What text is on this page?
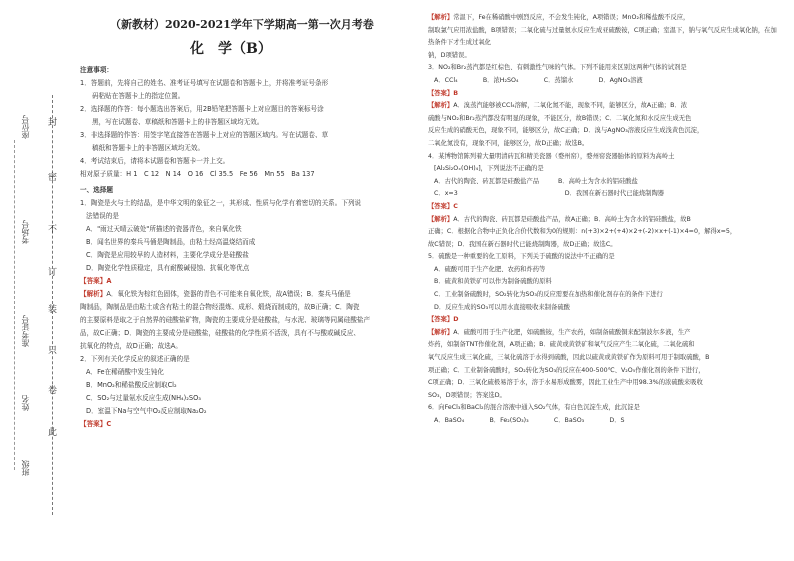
封
密
不
订
装
只
卷
此
座位号
考场号
准考证号
姓名
班级
（新教材）2020-2021学年下学期高一第一次月考卷
化　学（B）

注意事项：

1．答题前，先将自己的姓名、准考证号填写在试题卷和答题卡上，并将准考证号条形

码粘贴在答题卡上的指定位置。

2．选择题的作答：每小题选出答案后，用2B铅笔把答题卡上对应题目的答案标号涂

黑，写在试题卷、草稿纸和答题卡上的非答题区域均无效。

3．非选择题的作答：用签字笔直接答在答题卡上对应的答题区域内。写在试题卷、草

稿纸和答题卡上的非答题区域均无效。

4．考试结束后，请将本试题卷和答题卡一并上交。

相对原子质量：H 1　C 12　N 14　O 16　Cl 35.5　Fe 56　Mn 55　Ba 137

一、选择题

1．陶瓷是火与土的结晶，是中华文明的象征之一，其形成、性质与化学有着密切的关系。下列说

法错误的是

A．"雨过天晴云破处"所描述的瓷器青色，来自氧化铁

B．闻名世界的秦兵马俑是陶制品，由粘土经高温烧结而成

C．陶瓷是应用较早的人造材料，主要化学成分是硅酸盐

D．陶瓷化学性质稳定，具有耐酸碱侵蚀、抗氧化等优点

【答案】A

【解析】A．氧化铁为棕红色固体，瓷器的青色不可能来自氧化铁，故A错误；B．秦兵马俑是

陶制品，陶制品是由粘土或含有粘土的混合物经混炼、成形、煅烧而制成的，故B正确；C．陶瓷

的主要原料是取之于自然界的硅酸盐矿物，陶瓷的主要成分是硅酸盐，与水泥、玻璃等同属硅酸盐产

品，故C正确；D．陶瓷的主要成分是硅酸盐，硅酸盐的化学性质不活泼，具有不与酸或碱反应、

抗氧化的特点，故D正确；故选A。

2．下列有关化学反应的叙述正确的是

A．Fe在稀硝酸中发生钝化

B．MnO₂和稀盐酸反应制取Cl₂

C．SO₂与过量氨水反应生成(NH₄)₂SO₃

D．室温下Na与空气中O₂反应制取Na₂O₂

【答案】C

【解析】常温下，Fe在稀硝酸中剧烈反应，不会发生钝化，A项错误；MnO₂和稀盐酸不反应，

制取氯气应用浓盐酸，B项错误；二氧化硫与过量氨水反应生成亚硫酸铵，C项正确；室温下，钠与氧气反应生成氧化钠，在加热条件下才生成过氧化

钠，D项错误。

3．NO₂和Br₂蒸汽都是红棕色、有刺激性气味的气体。下列不能用来区别这两种气体的试剂是

A．CCl₄　　　　B．浓H₂SO₄　　　　C．蒸馏水　　　　D．AgNO₃溶液

【答案】B

【解析】A．溴蒸汽能够被CCl₄溶解，二氧化氮不能，现象不同，能够区分，故A正确；B．浓

硫酸与NO₂和Br₂蒸汽都没有明显的现象，不能区分，故B错误；C．二氧化氮和水反应生成无色

反应生成的硝酸无色，现象不同，能够区分，故C正确；D．溴与AgNO₃溶液反应生成浅黄色沉淀，

二氧化氮没有，现象不同，能够区分，故D正确；故选B。

4．某博物馆陈列着大量明清砖瓦和精美瓷器（婺州窑），婺州窑瓷器胎体的原料为高岭土

[Al₂Si₂Oₓ(OH)₄]，下列说法不正确的是

A．古代的陶瓷、砖瓦都是硅酸盐产品　　　B．高岭土为含水的铝硅酸盐

C．x=3　　　　　　　　　　　　　　　　　D．我国在新石器时代已能烧制陶器

【答案】C

【解析】A．古代的陶瓷、砖瓦都是硅酸盐产品，故A正确；B．高岭土为含水的铝硅酸盐，故B

正确；C．根据化合物中正负化合价代数和为0的规则：n(+3)×2+(+4)×2+(-2)×x+(-1)×4=0，解得x=5，

故C错误；D．我国在新石器时代已能烧制陶器，故D正确；故选C。

5．硫酸是一种重要的化工原料，下列关于硫酸的说法中不正确的是

A．硫酸可用于生产化肥、农药和炸药等

B．硫黄和黄铁矿可以作为制备硫酸的原料

C．工业制备硫酸时，SO₂转化为SO₃的反应需要在加热和催化剂存在的条件下进行

D．反应生成的SO₃可以用水直接吸收来制备硫酸

【答案】D

【解析】A．硫酸可用于生产化肥，如硫酸铵，生产农药，如制备硫酸铜来配制波尔多液，生产

炸药，如制备TNT作催化剂，A项正确；B．硫黄或黄铁矿和氧气反应产生二氧化硫，二氧化硫和

氧气反应生成三氧化硫，三氧化硫溶于水得到硫酸，因此以硫黄或黄铁矿作为原料可用于制取硫酸，B

项正确；C．工业制备硫酸时，SO₂转化为SO₃的反应在400-500℃、V₂O₅作催化剂的条件下进行，

C项正确；D．三氧化硫极易溶于水，溶于水易形成酸雾，因此工业生产中用98.3%的浓硫酸来吸收

SO₃，D项错误；答案选D。

6．向FeCl₃和BaCl₂的混合溶液中通入SO₂气体，有白色沉淀生成，此沉淀是

A．BaSO₄　　　　B．Fe₂(SO₃)₃　　　　C．BaSO₃　　　　D．S
